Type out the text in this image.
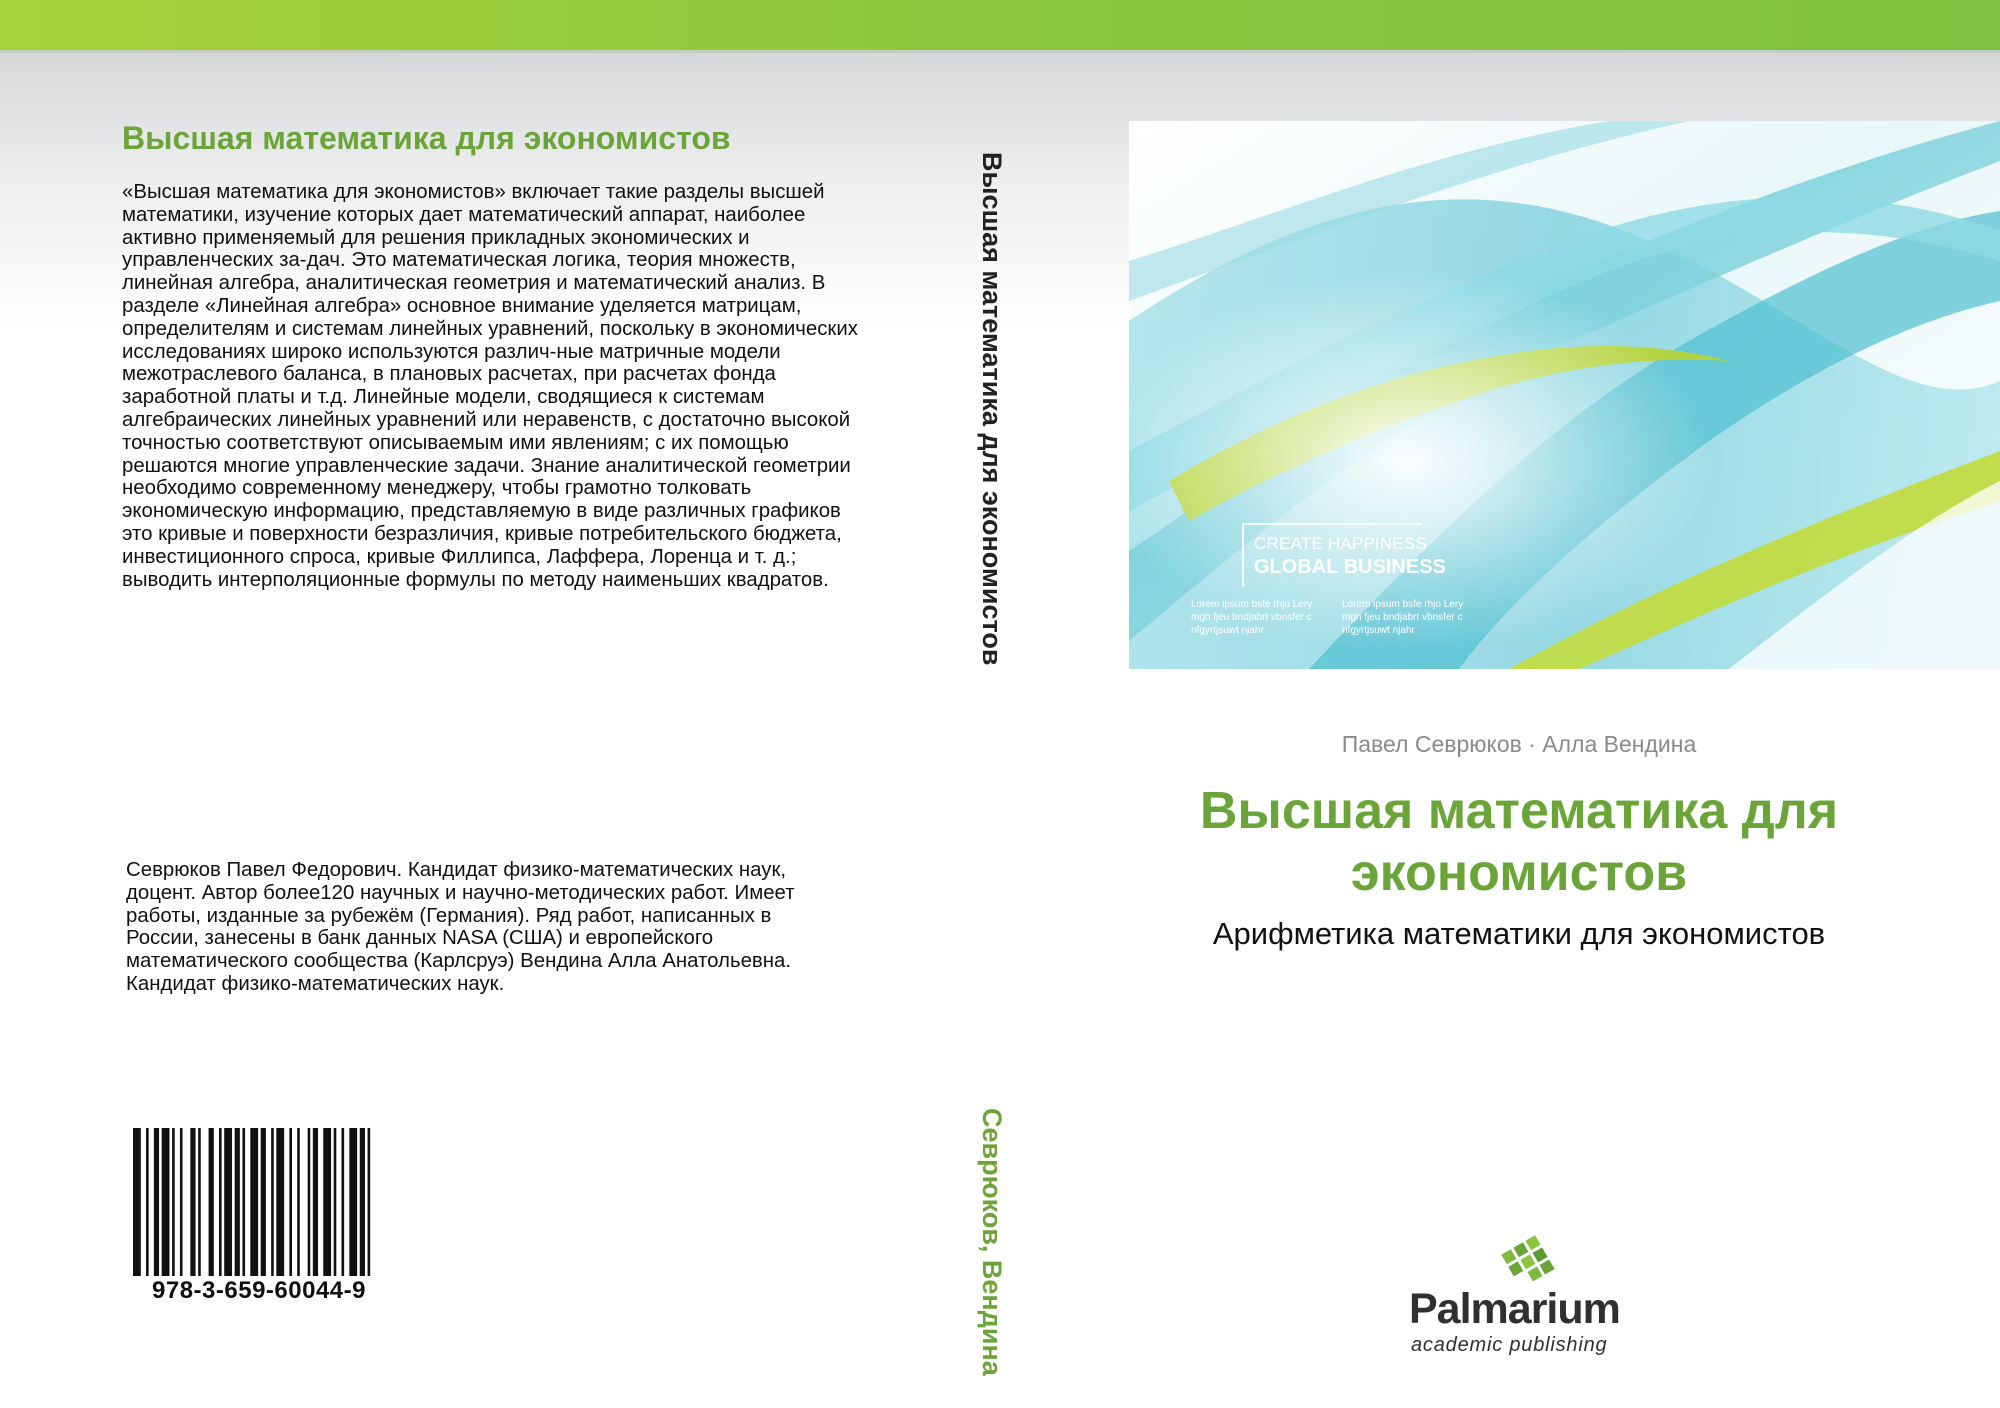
Высшая математика для экономистов
«Высшая математика для экономистов» включает такие разделы высшей математики, изучение которых дает математический аппарат, наиболее активно применяемый для решения прикладных экономических и управленческих за-дач. Это математическая логика, теория множеств, линейная алгебра, аналитическая геометрия и математический анализ. В разделе «Линейная алгебра» основное внимание уделяется матрицам, определителям и системам линейных уравнений, поскольку в экономических исследованиях широко используются различ-ные матричные модели межотраслевого баланса, в плановых расчетах, при расчетах фонда заработной платы и т.д. Линейные модели, сводящиеся к системам алгебраических линейных уравнений или неравенств, с достаточно высокой точностью соответствуют описываемым ими явлениям; с их помощью решаются многие управленческие задачи. Знание аналитической геометрии необходимо современному менеджеру, чтобы грамотно толковать экономическую информацию, представляемую в виде различных графиков это кривые и поверхности безразличия, кривые потребительского бюджета, инвестиционного спроса, кривые Филлипса, Лаффера, Лоренца и т. д.; выводить интерполяционные формулы по методу наименьших квадратов.
Севрюков Павел Федорович. Кандидат физико-математических наук, доцент. Автор более120 научных и научно-методических работ. Имеет работы, изданные за рубежём (Германия). Ряд работ, написанных в России, занесены в банк данных NASA (США) и европейского математического сообщества (Карлсруэ) Вендина Алла Анатольевна. Кандидат физико-математических наук.
978-3-659-60044-9
Высшая математика для экономистов
Севрюков, Вендина
CREATE HAPPINESS
GLOBAL BUSINESS
Lorem ipsum bsfe rhjo Lery mgh fjeu bndjabrt vbnsfer c nfgyrtjsuwt njahr
Lorem ipsum bsfe rhjo Lery mgh fjeu bndjabrt vbnsfer c nfgyrtjsuwt njahr
Павел Севрюков · Алла Вендина
Высшая математика для экономистов
Арифметика математики для экономистов
Palmarium
academic publishing
